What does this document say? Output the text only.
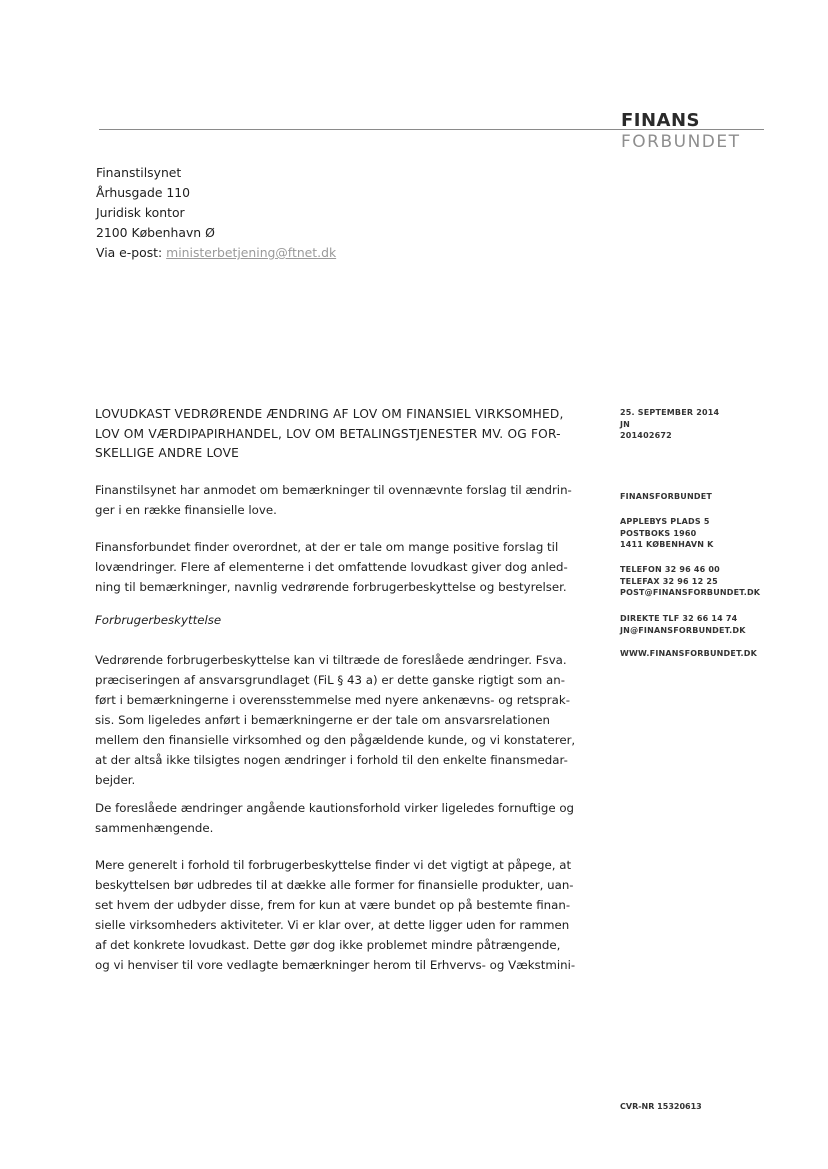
FINANS
FORBUNDET
Finanstilsynet
Århusgade 110
Juridisk kontor
2100 København Ø
Via e-post: ministerbetjening@ftnet.dk
LOVUDKAST VEDRØRENDE ÆNDRING AF LOV OM FINANSIEL VIRKSOMHED,
LOV OM VÆRDIPAPIRHANDEL, LOV OM BETALINGSTJENESTER MV. OG FOR-
SKELLIGE ANDRE LOVE
25. SEPTEMBER 2014
JN
201402672
FINANSFORBUNDET
APPLEBYS PLADS 5
POSTBOKS 1960
1411 KØBENHAVN K
TELEFON 32 96 46 00
TELEFAX 32 96 12 25
POST@FINANSFORBUNDET.DK
DIREKTE TLF 32 66 14 74
JN@FINANSFORBUNDET.DK
WWW.FINANSFORBUNDET.DK
Finanstilsynet har anmodet om bemærkninger til ovennævnte forslag til ændrin-
ger i en række finansielle love.
Finansforbundet finder overordnet, at der er tale om mange positive forslag til
lovændringer. Flere af elementerne i det omfattende lovudkast giver dog anled-
ning til bemærkninger, navnlig vedrørende forbrugerbeskyttelse og bestyrelser.
Forbrugerbeskyttelse
Vedrørende forbrugerbeskyttelse kan vi tiltræde de foreslåede ændringer. Fsva.
præciseringen af ansvarsgrundlaget (FiL § 43 a) er dette ganske rigtigt som an-
ført i bemærkningerne i overensstemmelse med nyere ankenævns- og retsprak-
sis. Som ligeledes anført i bemærkningerne er der tale om ansvarsrelationen
mellem den finansielle virksomhed og den pågældende kunde, og vi konstaterer,
at der altså ikke tilsigtes nogen ændringer i forhold til den enkelte finansmedar-
bejder.
De foreslåede ændringer angående kautionsforhold virker ligeledes fornuftige og
sammenhængende.
Mere generelt i forhold til forbrugerbeskyttelse finder vi det vigtigt at påpege, at
beskyttelsen bør udbredes til at dække alle former for finansielle produkter, uan-
set hvem der udbyder disse, frem for kun at være bundet op på bestemte finan-
sielle virksomheders aktiviteter. Vi er klar over, at dette ligger uden for rammen
af det konkrete lovudkast. Dette gør dog ikke problemet mindre påtrængende,
og vi henviser til vore vedlagte bemærkninger herom til Erhvervs- og Vækstmini-
CVR-NR 15320613
